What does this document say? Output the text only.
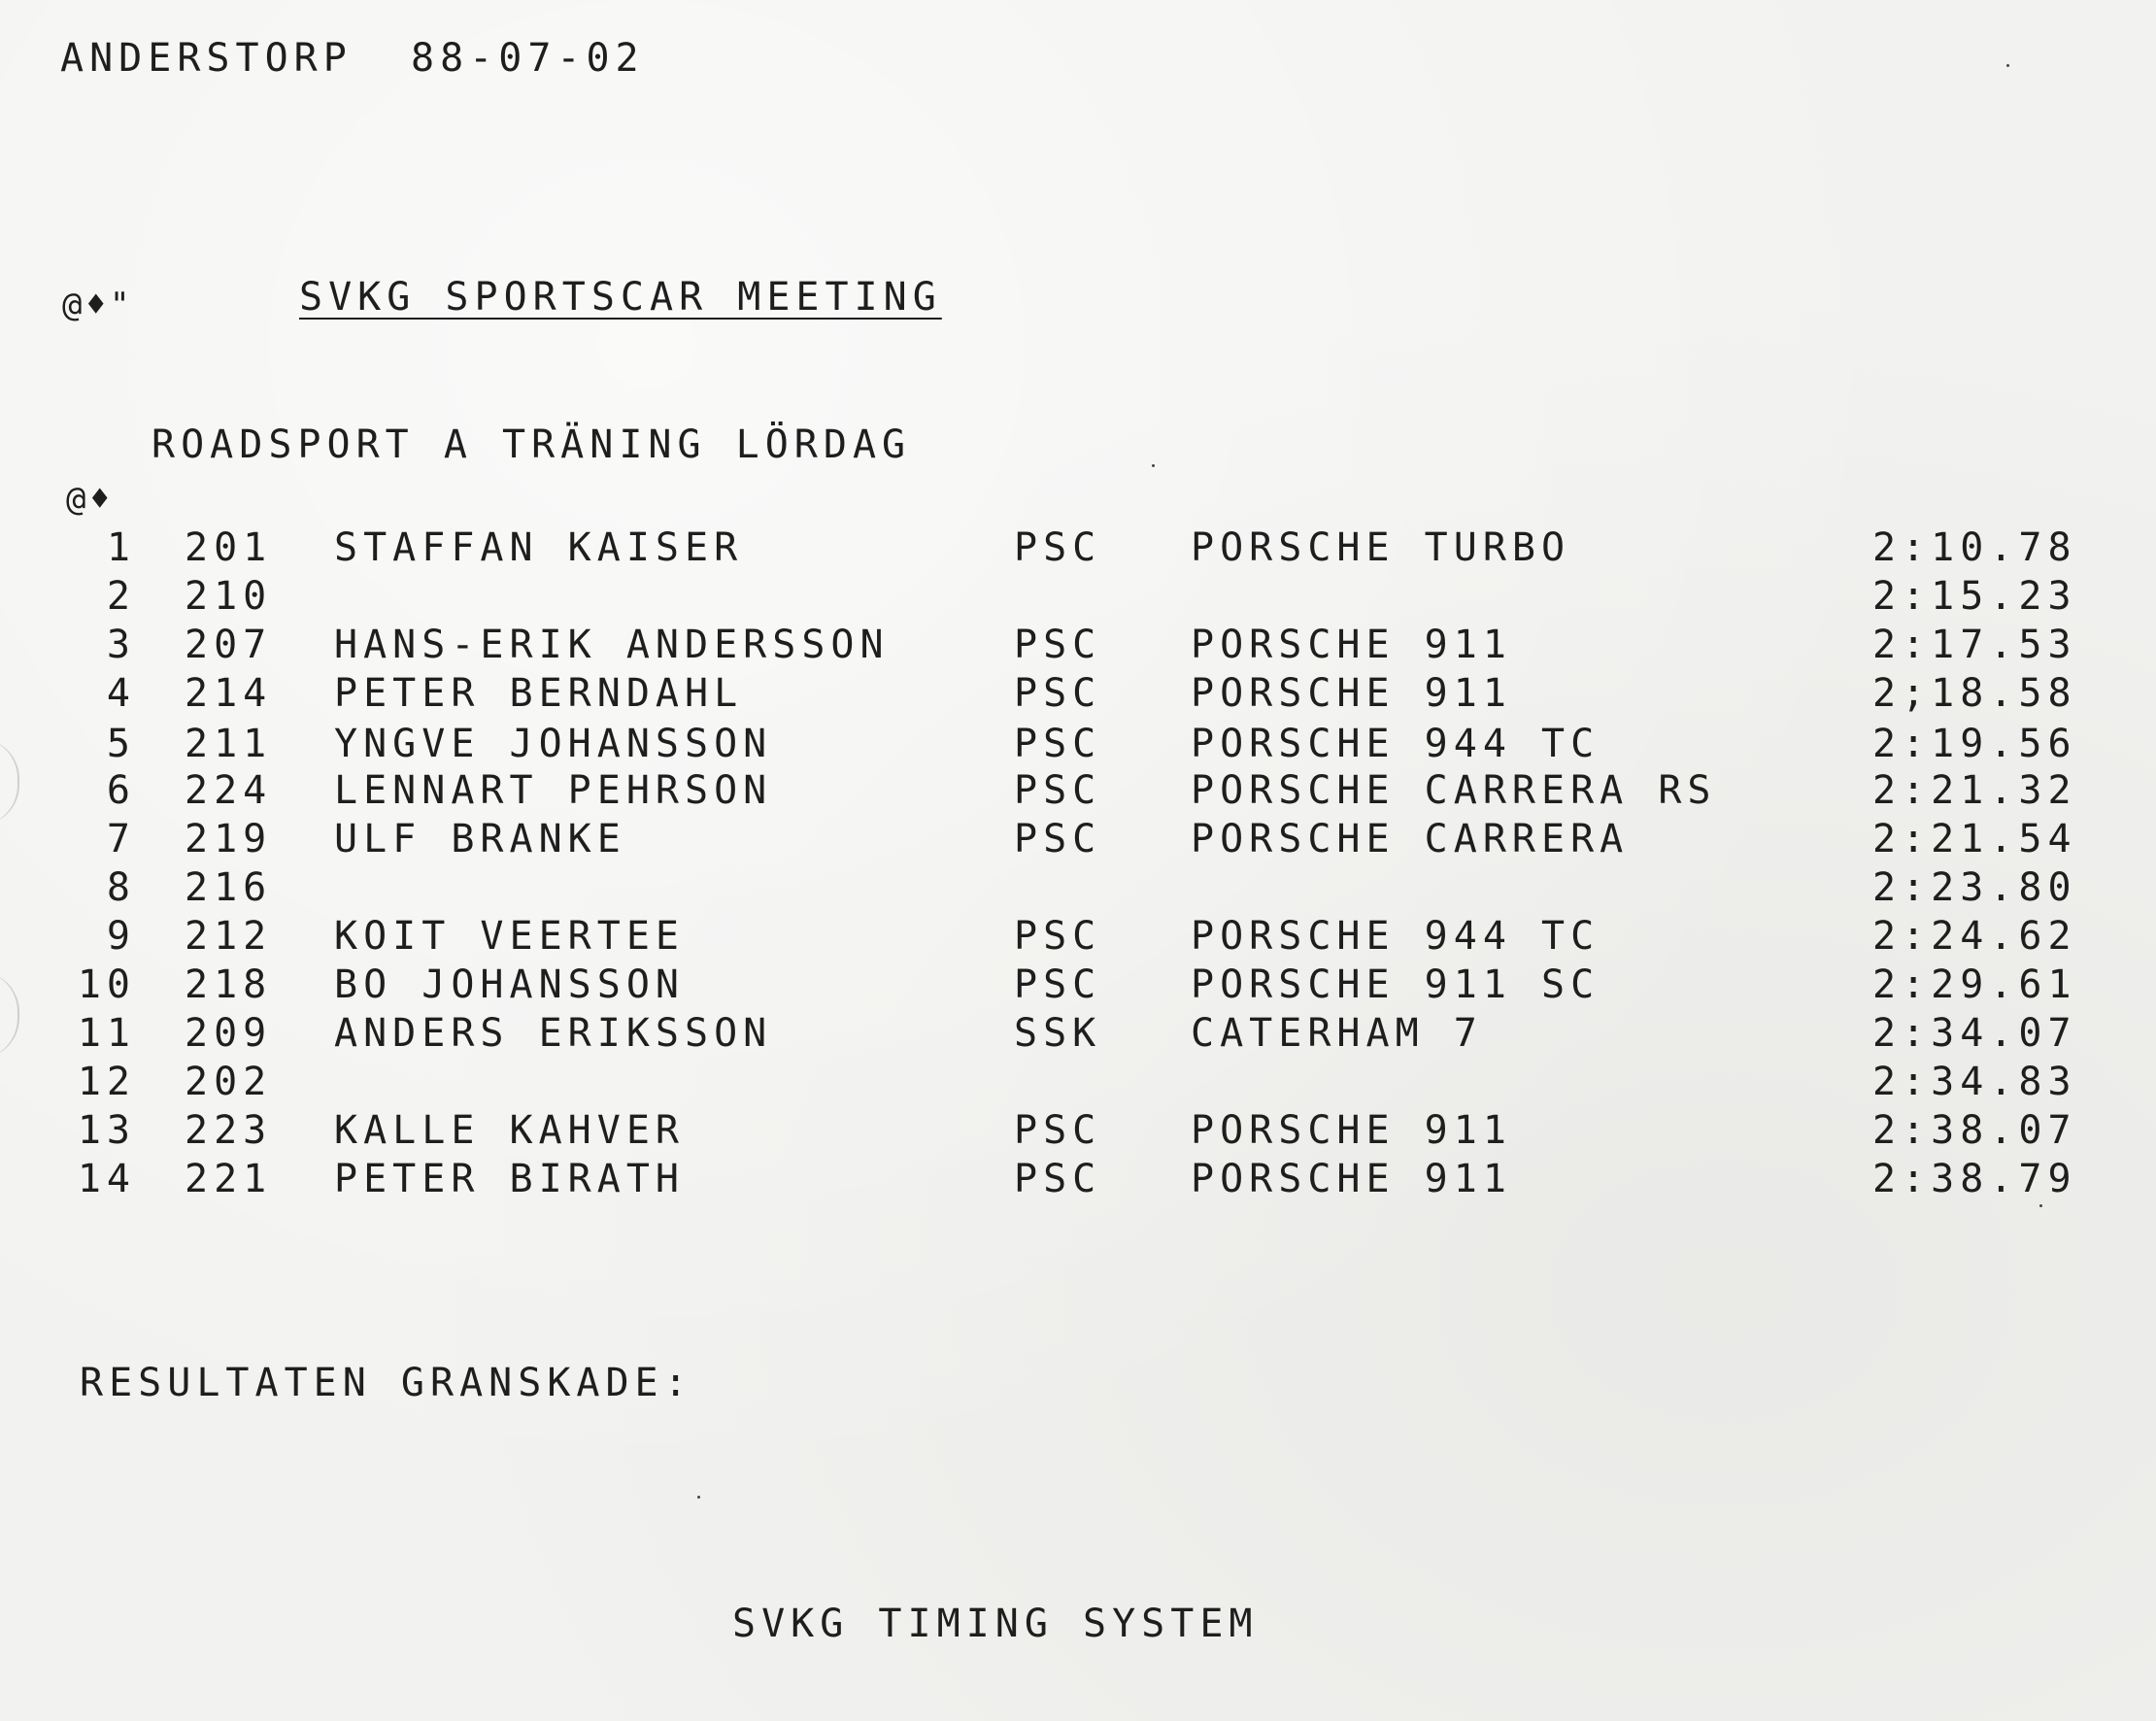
ANDERSTORP  88-07-02
@♦"	SVKG SPORTSCAR MEETING
ROADSPORT A TRÄNING LÖRDAG
@♦
1 201 STAFFAN KAISER	PSC PORSCHE TURBO	2:10.78
2 210	2:15.23
3 207 HANS-ERIK ANDERSSON	PSC PORSCHE 911	2:17.53
4 214 PETER BERNDAHL	PSC PORSCHE 911	2;18.58
5 211 YNGVE JOHANSSON	PSC PORSCHE 944 TC	2:19.56
6 224 LENNART PEHRSON	PSC PORSCHE CARRERA RS	2:21.32
7 219 ULF BRANKE	PSC PORSCHE CARRERA	2:21.54
8 216	2:23.80
9 212 KOIT VEERTEE	PSC PORSCHE 944 TC	2:24.62
10 218 BO JOHANSSON	PSC PORSCHE 911 SC	2:29.61
11 209 ANDERS ERIKSSON	SSK CATERHAM 7	2:34.07
12 202	2:34.83
13 223 KALLE KAHVER	PSC PORSCHE 911	2:38.07
14 221 PETER BIRATH	PSC PORSCHE 911	2:38.79
RESULTATEN GRANSKADE:
SVKG TIMING SYSTEM
